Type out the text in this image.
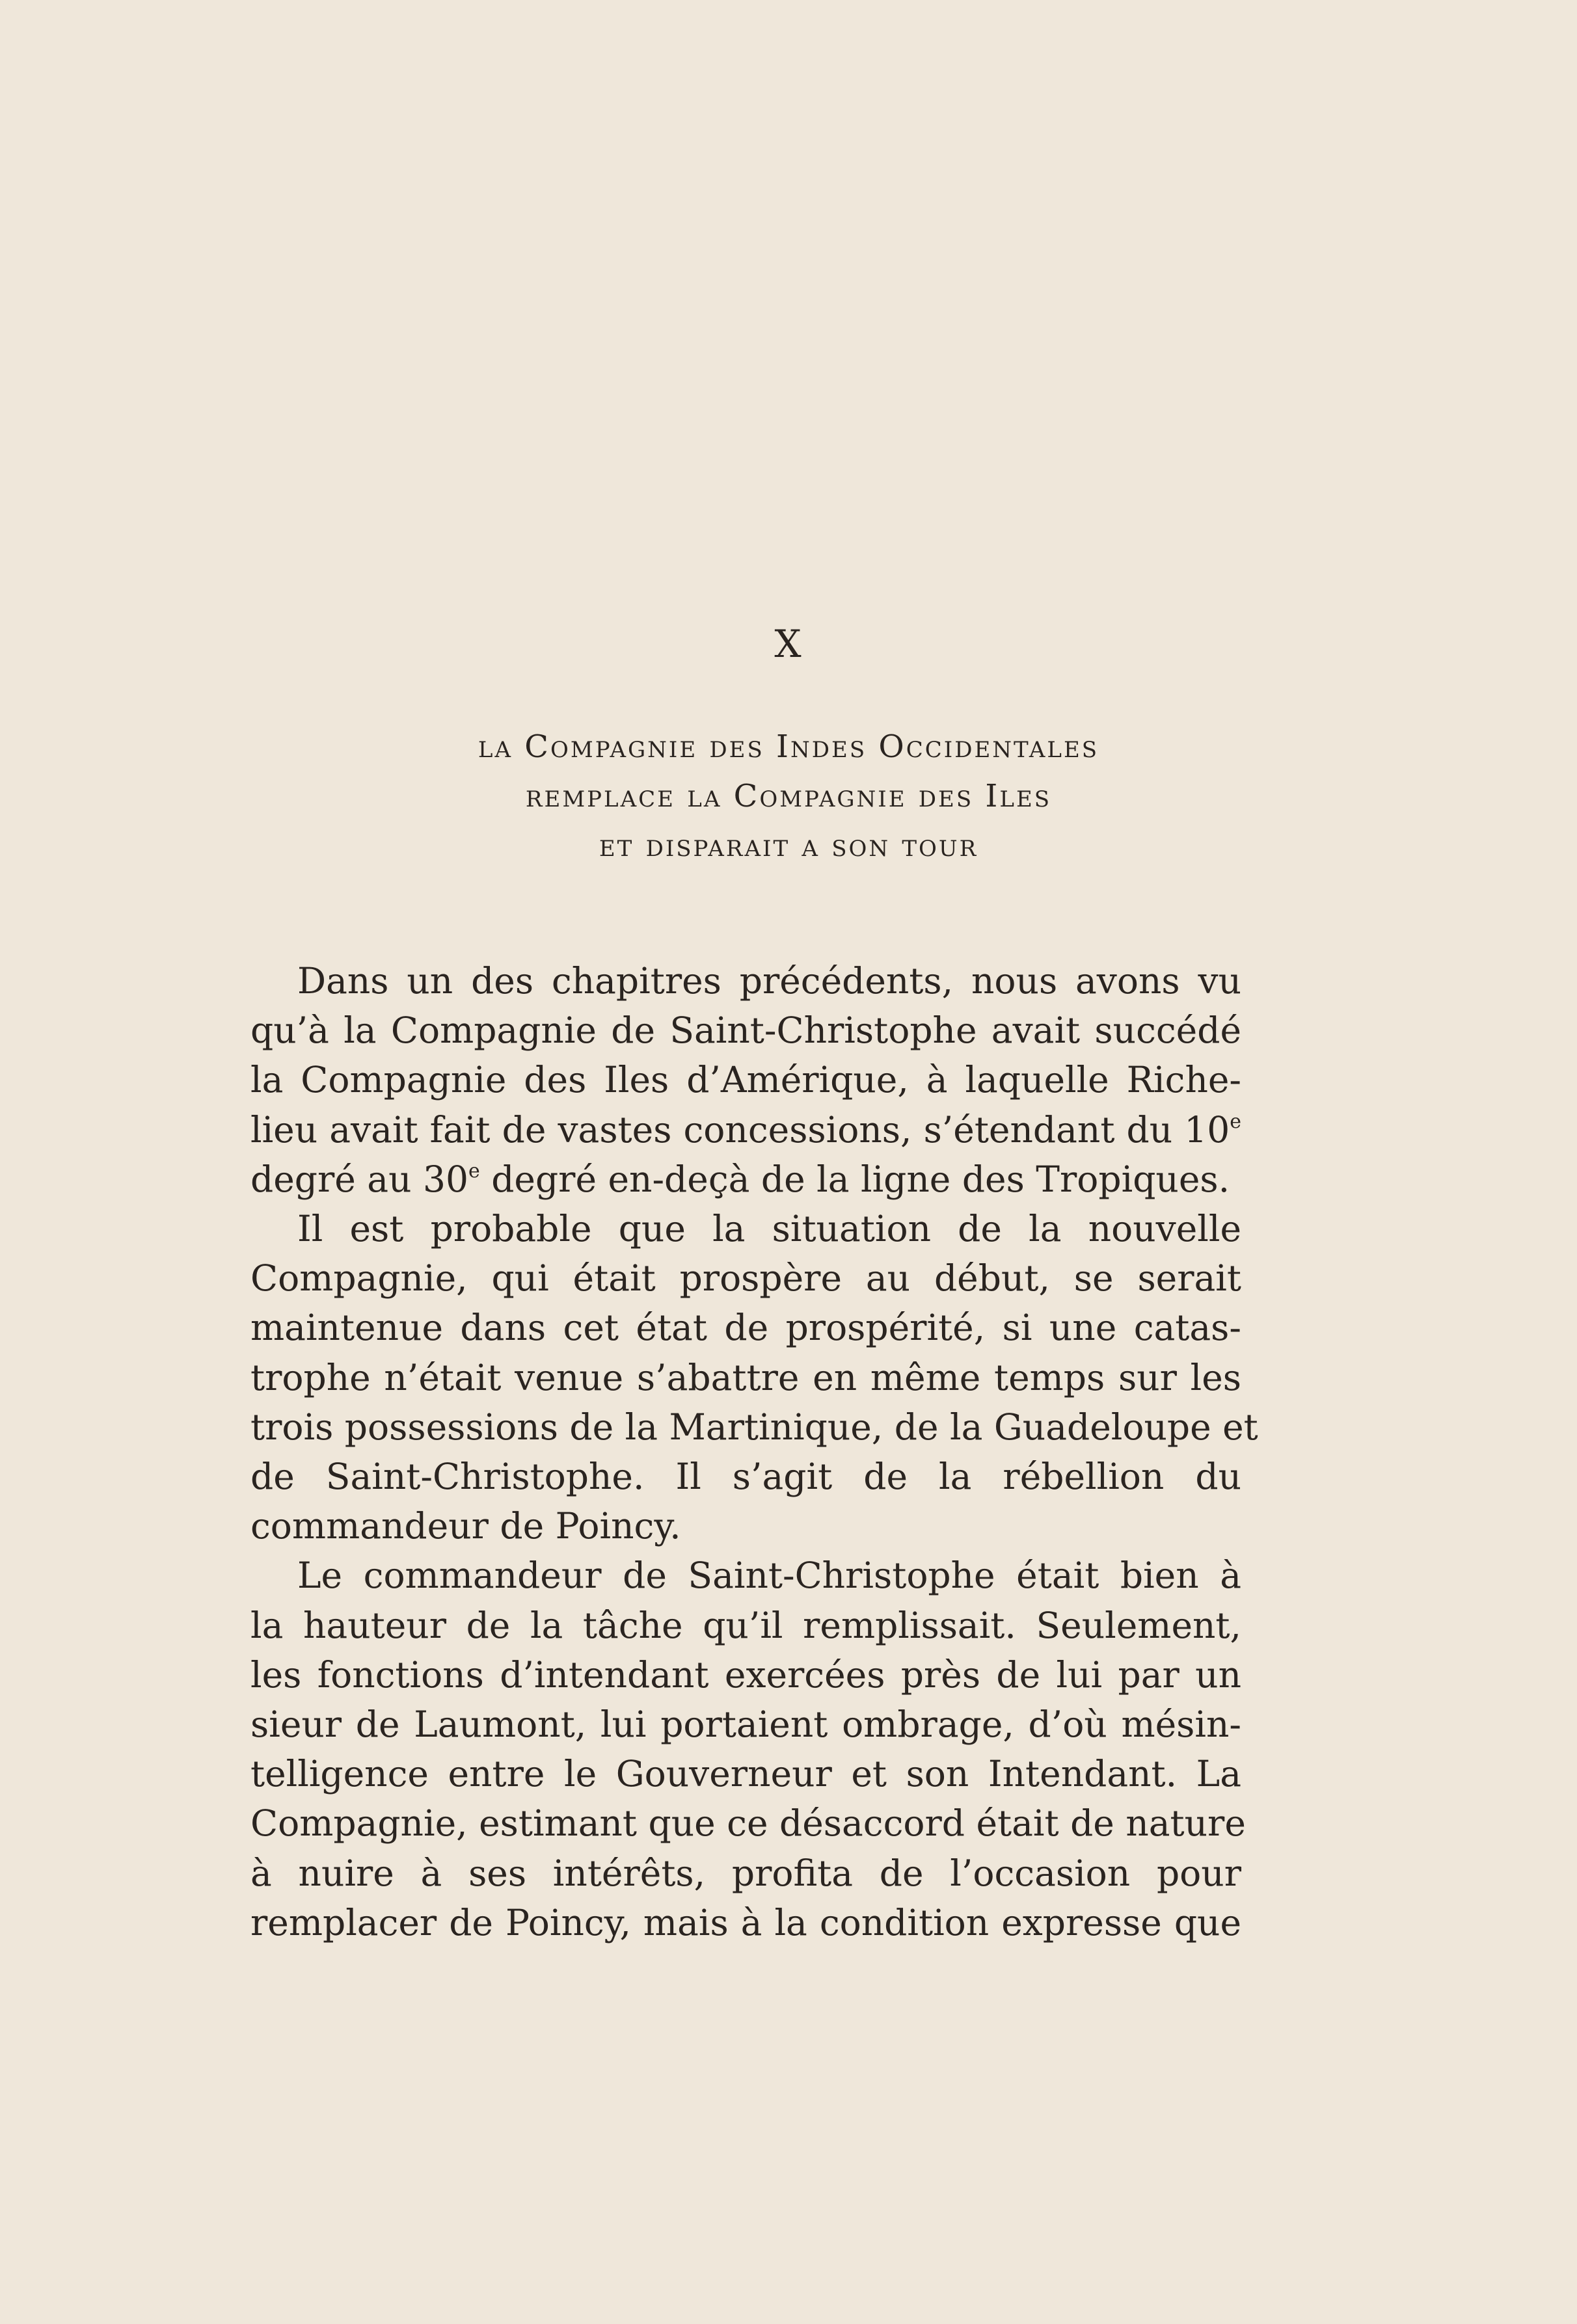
X
la Compagnie des Indes Occidentales
remplace la Compagnie des Iles
et disparait a son tour
Dans un des chapitres précédents, nous avons vu
qu’à la Compagnie de Saint-Christophe avait succédé
la Compagnie des Iles d’Amérique, à laquelle Riche-
lieu avait fait de vastes concessions, s’étendant du 10e
degré au 30e degré en-deçà de la ligne des Tropiques.
Il est probable que la situation de la nouvelle
Compagnie, qui était prospère au début, se serait
maintenue dans cet état de prospérité, si une catas-
trophe n’était venue s’abattre en même temps sur les
trois possessions de la Martinique, de la Guadeloupe et
de Saint-Christophe. Il s’agit de la rébellion du
commandeur de Poincy.
Le commandeur de Saint-Christophe était bien à
la hauteur de la tâche qu’il remplissait. Seulement,
les fonctions d’intendant exercées près de lui par un
sieur de Laumont, lui portaient ombrage, d’où mésin-
telligence entre le Gouverneur et son Intendant. La
Compagnie, estimant que ce désaccord était de nature
à nuire à ses intérêts, profita de l’occasion pour
remplacer de Poincy, mais à la condition expresse que
